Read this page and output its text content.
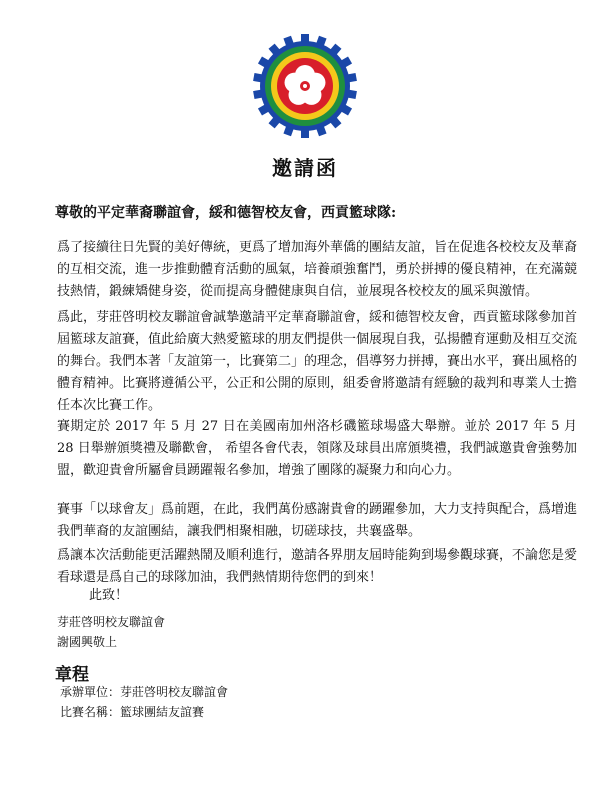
邀請函
尊敬的平定華裔聯誼會，綏和德智校友會，西貢籃球隊:

爲了接續往日先賢的美好傳統，更爲了增加海外華僑的團結友誼，旨在促進各校校友及華裔的互相交流，進一步推動體育活動的風氣，培養頑強奮鬥，勇於拼搏的優良精神，在充滿競技熱情，鍛練矯健身姿，從而提高身體健康與自信，並展現各校校友的風采與激情。

爲此，芽莊啓明校友聯誼會誠摯邀請平定華裔聯誼會，綏和德智校友會，西貢籃球隊參加首屆籃球友誼賽，值此給廣大熱愛籃球的朋友們提供一個展現自我，弘揚體育運動及相互交流的舞台。我們本著「友誼第一，比賽第二」的理念，倡導努力拼搏，賽出水平，賽出風格的體育精神。比賽將遵循公平，公正和公開的原則，組委會將邀請有經驗的裁判和專業人士擔任本次比賽工作。

賽期定於 2017 年 5 月 27 日在美國南加州洛杉磯籃球場盛大舉辦。並於 2017 年 5 月 28 日舉辦頒獎禮及聯歡會， 希望各會代表，領隊及球員出席頒獎禮，我們誠邀貴會強勢加盟，歡迎貴會所屬會員踴躍報名參加，增強了團隊的凝聚力和向心力。

賽事「以球會友」爲前題，在此，我們萬份感謝貴會的踴躍參加，大力支持與配合，爲增進我們華裔的友誼團結，讓我們相聚相融，切磋球技，共襄盛舉。

爲讓本次活動能更活躍熱鬧及順利進行，邀請各界朋友屆時能夠到場參觀球賽，不論您是愛看球還是爲自己的球隊加油，我們熱情期待您們的到來！

此致！
芽莊啓明校友聯誼會
謝國興敬上
章程
承辦單位：芽莊啓明校友聯誼會
比賽名稱：籃球團結友誼賽
